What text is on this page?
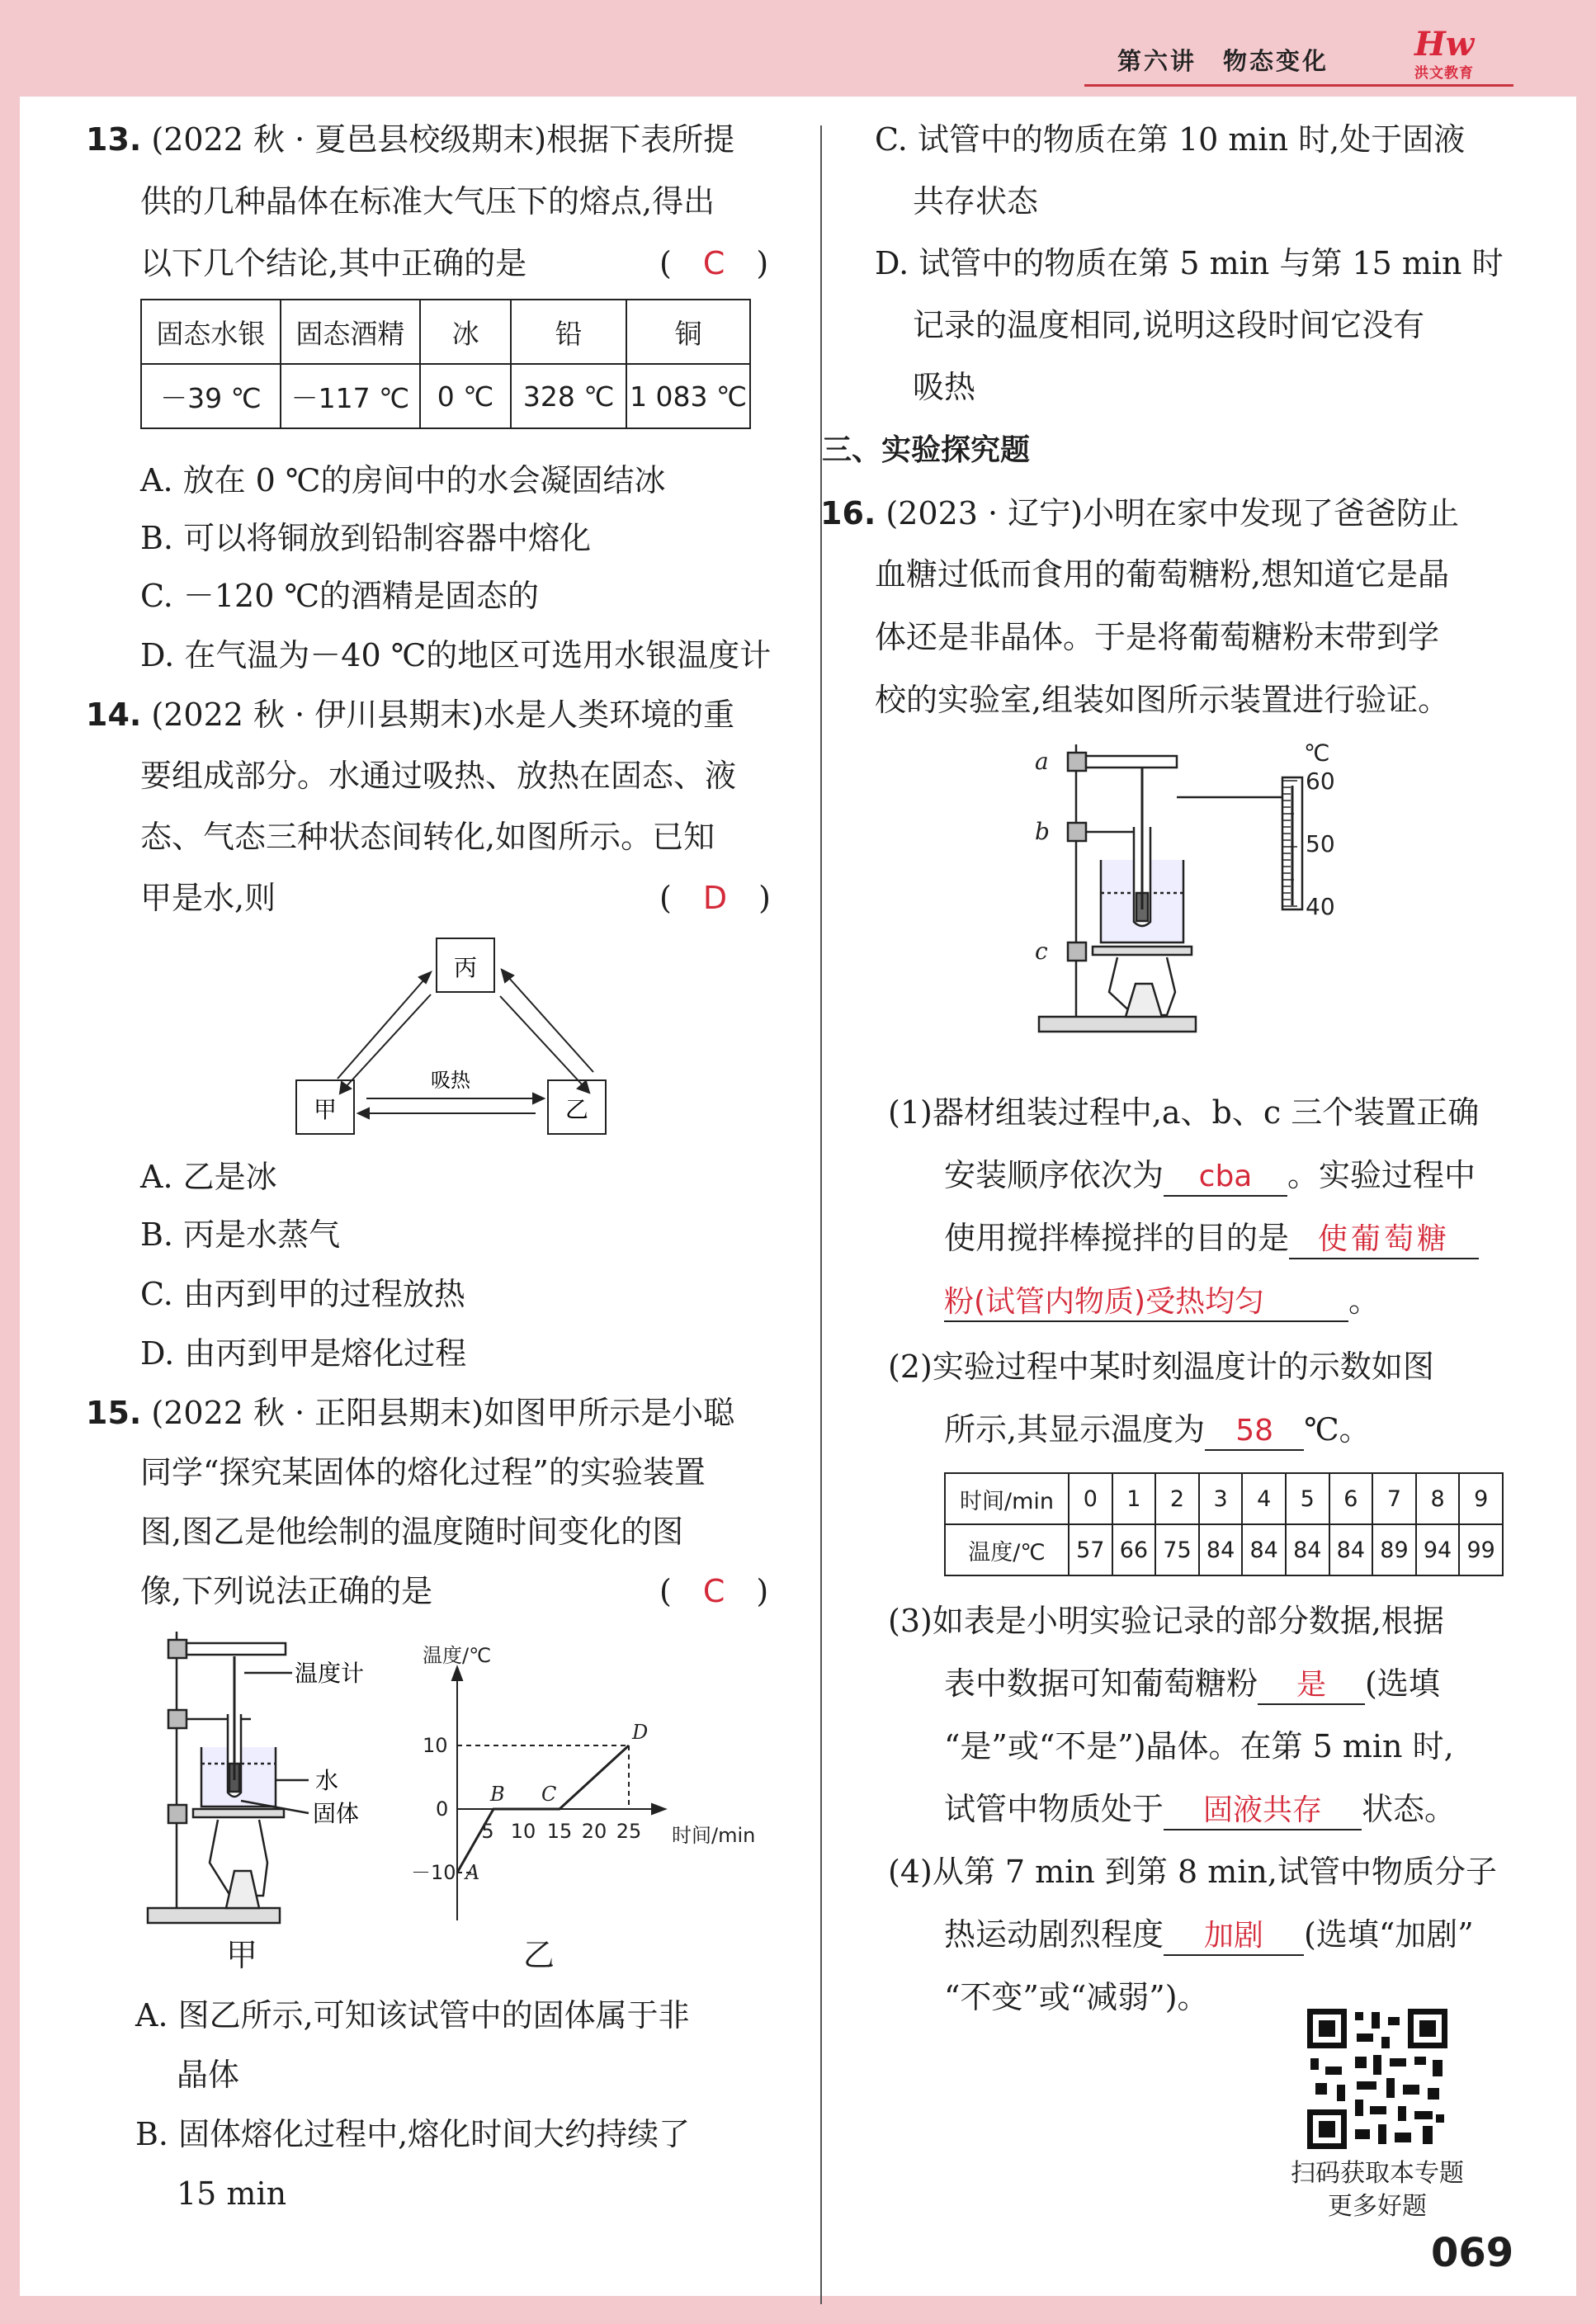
第六讲　物态变化	Hw
洪文教育
13. (2022 秋 · 夏邑县校级期末)根据下表所提
供的几种晶体在标准大气压下的熔点,得出
以下几个结论,其中正确的是	(　C　)
固态水银	固态酒精	冰	铅	铜
－39 ℃	－117 ℃	0 ℃	328 ℃	1 083 ℃
A. 放在 0 ℃的房间中的水会凝固结冰
B. 可以将铜放到铅制容器中熔化
C. －120 ℃的酒精是固态的
D. 在气温为－40 ℃的地区可选用水银温度计
14. (2022 秋 · 伊川县期末)水是人类环境的重
要组成部分。水通过吸热、放热在固态、液
态、气态三种状态间转化,如图所示。已知
甲是水,则	(　D　)
丙
甲	乙
吸热
A. 乙是冰
B. 丙是水蒸气
C. 由丙到甲的过程放热
D. 由丙到甲是熔化过程
15. (2022 秋 · 正阳县期末)如图甲所示是小聪
同学“探究某固体的熔化过程”的实验装置
图,图乙是他绘制的温度随时间变化的图
像,下列说法正确的是	(　C　)
温度计
水
固体
甲
温度/℃
时间/min
10
0
－10
5 10 15 20 25
A
B C
D
乙
A. 图乙所示,可知该试管中的固体属于非
晶体
B. 固体熔化过程中,熔化时间大约持续了
15 min
C. 试管中的物质在第 10 min 时,处于固液
共存状态
D. 试管中的物质在第 5 min 与第 15 min 时
记录的温度相同,说明这段时间它没有
吸热
三、实验探究题
16. (2023 · 辽宁)小明在家中发现了爸爸防止
血糖过低而食用的葡萄糖粉,想知道它是晶
体还是非晶体。于是将葡萄糖粉末带到学
校的实验室,组装如图所示装置进行验证。
℃
60
50
40
a
b
c
(1)器材组装过程中,a、b、c 三个装置正确
安装顺序依次为 cba 。实验过程中
使用搅拌棒搅拌的目的是 使葡萄糖
粉(试管内物质)受热均匀	。
(2)实验过程中某时刻温度计的示数如图
所示,其显示温度为 58 ℃。
时间/min	0	1	2	3	4	5	6	7	8	9
温度/℃	57	66	75	84	84	84	84	89	94	99
(3)如表是小明实验记录的部分数据,根据
表中数据可知葡萄糖粉 是 (选填
“是”或“不是”)晶体。在第 5 min 时,
试管中物质处于 固液共存 状态。
(4)从第 7 min 到第 8 min,试管中物质分子
热运动剧烈程度 加剧 (选填“加剧”
“不变”或“减弱”)。
扫码获取本专题
更多好题
069
